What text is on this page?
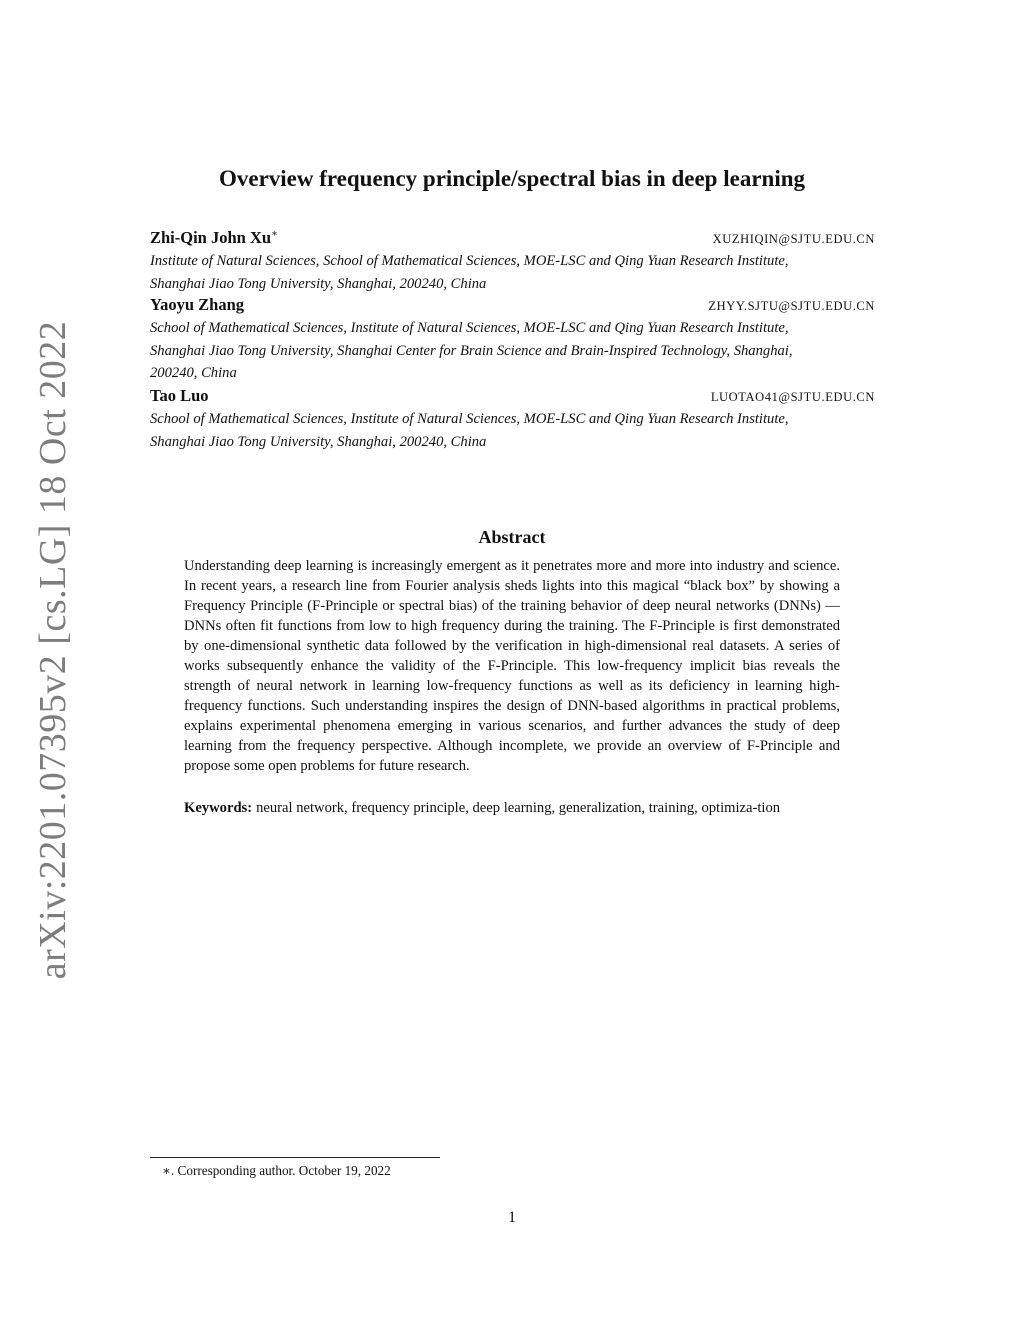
arXiv:2201.07395v2 [cs.LG] 18 Oct 2022
Overview frequency principle/spectral bias in deep learning
Zhi-Qin John Xu∗	XUZHIQIN@SJTU.EDU.CN
Institute of Natural Sciences, School of Mathematical Sciences, MOE-LSC and Qing Yuan Research Institute,
Shanghai Jiao Tong University, Shanghai, 200240, China
Yaoyu Zhang	ZHYY.SJTU@SJTU.EDU.CN
School of Mathematical Sciences, Institute of Natural Sciences, MOE-LSC and Qing Yuan Research Institute,
Shanghai Jiao Tong University, Shanghai Center for Brain Science and Brain-Inspired Technology, Shanghai,
200240, China
Tao Luo	LUOTAO41@SJTU.EDU.CN
School of Mathematical Sciences, Institute of Natural Sciences, MOE-LSC and Qing Yuan Research Institute,
Shanghai Jiao Tong University, Shanghai, 200240, China
Abstract
Understanding deep learning is increasingly emergent as it penetrates more and more into industry and science. In recent years, a research line from Fourier analysis sheds lights into this magical “black box” by showing a Frequency Principle (F-Principle or spectral bias) of the training behavior of deep neural networks (DNNs) — DNNs often fit functions from low to high frequency during the training. The F-Principle is first demonstrated by one-dimensional synthetic data followed by the verification in high-dimensional real datasets. A series of works subsequently enhance the validity of the F-Principle. This low-frequency implicit bias reveals the strength of neural network in learning low-frequency functions as well as its deficiency in learning high-frequency functions. Such understanding inspires the design of DNN-based algorithms in practical problems, explains experimental phenomena emerging in various scenarios, and further advances the study of deep learning from the frequency perspective. Although incomplete, we provide an overview of F-Principle and propose some open problems for future research.
Keywords: neural network, frequency principle, deep learning, generalization, training, optimiza-tion
∗. Corresponding author. October 19, 2022
1
